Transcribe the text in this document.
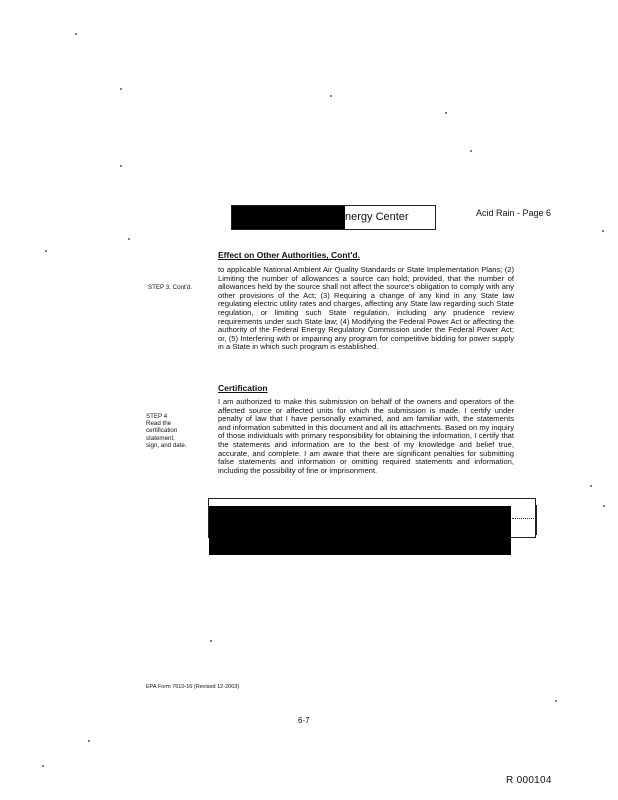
nergy Center	Acid Rain - Page 6
Effect on Other Authorities, Cont'd.
STEP 3, Cont'd.
to applicable National Ambient Air Quality Standards or State Implementation Plans; (2) Limiting the number of allowances a source can hold; provided, that the number of allowances held by the source shall not affect the source's obligation to comply with any other provisions of the Act; (3) Requiring a change of any kind in any State law regulating electric utility rates and charges, affecting any State law regarding such State regulation, or limiting such State regulation, including any prudence review requirements under such State law; (4) Modifying the Federal Power Act or affecting the authority of the Federal Energy Regulatory Commission under the Federal Power Act; or, (5) Interfering with or impairing any program for competitive bidding for power supply in a State in which such program is established.
Certification
STEP 4
Read the
certification
statement,
sign, and date.
I am authorized to make this submission on behalf of the owners and operators of the affected source or affected units for which the submission is made. I certify under penalty of law that I have personally examined, and am familiar with, the statements and information submitted in this document and all its attachments. Based on my inquiry of those individuals with primary responsibility for obtaining the information, I certify that the statements and information are to the best of my knowledge and belief true, accurate, and complete. I am aware that there are significant penalties for submitting false statements and information or omitting required statements and information, including the possibility of fine or imprisonment.
EPA Form 7610-16 (Revised 12-2003)
6-7
R 000104
